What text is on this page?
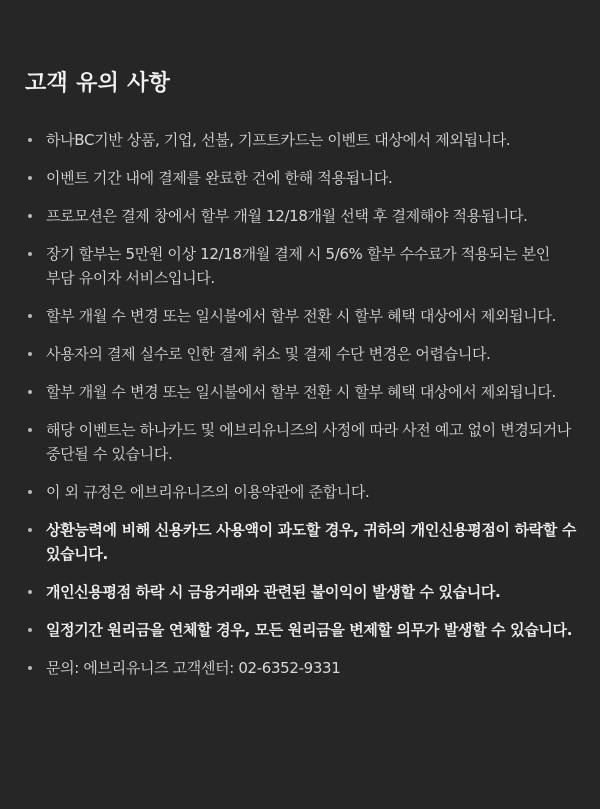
고객 유의 사항
하나BC기반 상품, 기업, 선불, 기프트카드는 이벤트 대상에서 제외됩니다.
이벤트 기간 내에 결제를 완료한 건에 한해 적용됩니다.
프로모션은 결제 창에서 할부 개월 12/18개월 선택 후 결제해야 적용됩니다.
장기 할부는 5만원 이상 12/18개월 결제 시 5/6% 할부 수수료가 적용되는 본인 부담 유이자 서비스입니다.
할부 개월 수 변경 또는 일시불에서 할부 전환 시 할부 혜택 대상에서 제외됩니다.
사용자의 결제 실수로 인한 결제 취소 및 결제 수단 변경은 어렵습니다.
할부 개월 수 변경 또는 일시불에서 할부 전환 시 할부 혜택 대상에서 제외됩니다.
해당 이벤트는 하나카드 및 에브리유니즈의 사정에 따라 사전 예고 없이 변경되거나 중단될 수 있습니다.
이 외 규정은 에브리유니즈의 이용약관에 준합니다.
상환능력에 비해 신용카드 사용액이 과도할 경우, 귀하의 개인신용평점이 하락할 수 있습니다.
개인신용평점 하락 시 금융거래와 관련된 불이익이 발생할 수 있습니다.
일정기간 원리금을 연체할 경우, 모든 원리금을 변제할 의무가 발생할 수 있습니다.
문의: 에브리유니즈 고객센터: 02-6352-9331
